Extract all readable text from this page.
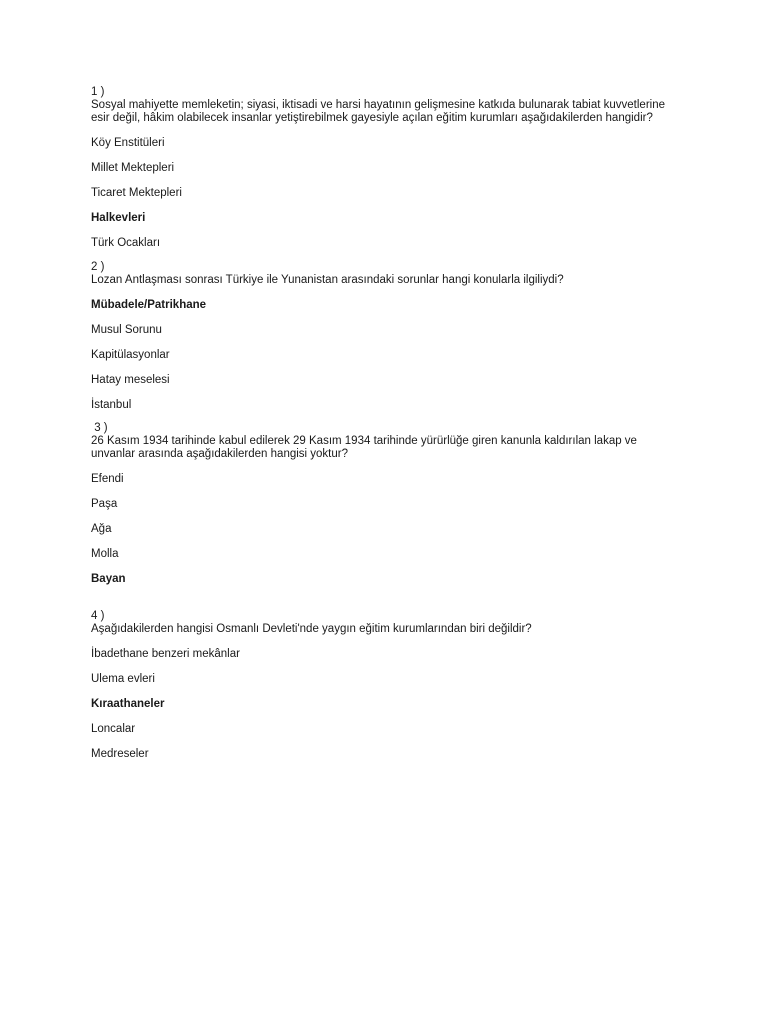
1 )
Sosyal mahiyette memleketin; siyasi, iktisadi ve harsi hayatının gelişmesine katkıda bulunarak tabiat kuvvetlerine esir değil, hâkim olabilecek insanlar yetiştirebilmek gayesiyle açılan eğitim kurumları aşağıdakilerden hangidir?
Köy Enstitüleri
Millet Mektepleri
Ticaret Mektepleri
Halkevleri
Türk Ocakları
2 )
Lozan Antlaşması sonrası Türkiye ile Yunanistan arasındaki sorunlar hangi konularla ilgiliydi?
Mübadele/Patrikhane
Musul Sorunu
Kapitülasyonlar
Hatay meselesi
İstanbul
3 )
26 Kasım 1934 tarihinde kabul edilerek 29 Kasım 1934 tarihinde yürürlüğe giren kanunla kaldırılan lakap ve unvanlar arasında aşağıdakilerden hangisi yoktur?
Efendi
Paşa
Ağa
Molla
Bayan
4 )
Aşağıdakilerden hangisi Osmanlı Devleti'nde yaygın eğitim kurumlarından biri değildir?
İbadethane benzeri mekânlar
Ulema evleri
Kıraathaneler
Loncalar
Medreseler
